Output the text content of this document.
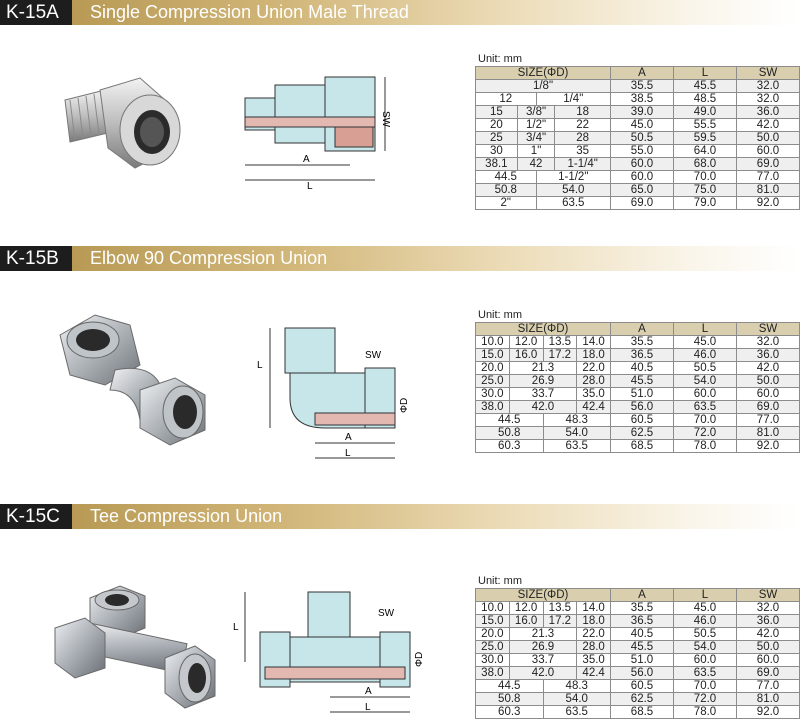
K-15A	Single Compression Union Male Thread
A
L
SW
Unit: mm
SIZE(ΦD)				A	L	SW
1/8"				35.5	45.5	32.0
12		1/4"		38.5	48.5	32.0
15	3/8"		18	39.0	49.0	36.0
20	1/2"		22	45.0	55.5	42.0
25	3/4"		28	50.5	59.5	50.0
30	1"		35	55.0	64.0	60.0
38.1	42		1-1/4"	60.0	68.0	69.0
44.5		1-1/2"		60.0	70.0	77.0
50.8		54.0		65.0	75.0	81.0
2"		63.5		69.0	79.0	92.0
K-15B	Elbow 90 Compression Union
L
A
L
SW
ΦD
Unit: mm
SIZE(ΦD)				A	L	SW
10.0	12.0	13.5	14.0	35.5	45.0	32.0
15.0	16.0	17.2	18.0	36.5	46.0	36.0
20.0	21.3		22.0	40.5	50.5	42.0
25.0	26.9		28.0	45.5	54.0	50.0
30.0	33.7		35.0	51.0	60.0	60.0
38.0	42.0		42.4	56.0	63.5	69.0
44.5		48.3		60.5	70.0	77.0
50.8		54.0		62.5	72.0	81.0
60.3		63.5		68.5	78.0	92.0
K-15C	Tee Compression Union
L
A
L
SW
ΦD
Unit: mm
SIZE(ΦD)				A	L	SW
10.0	12.0	13.5	14.0	35.5	45.0	32.0
15.0	16.0	17.2	18.0	36.5	46.0	36.0
20.0	21.3		22.0	40.5	50.5	42.0
25.0	26.9		28.0	45.5	54.0	50.0
30.0	33.7		35.0	51.0	60.0	60.0
38.0	42.0		42.4	56.0	63.5	69.0
44.5		48.3		60.5	70.0	77.0
50.8		54.0		62.5	72.0	81.0
60.3		63.5		68.5	78.0	92.0
